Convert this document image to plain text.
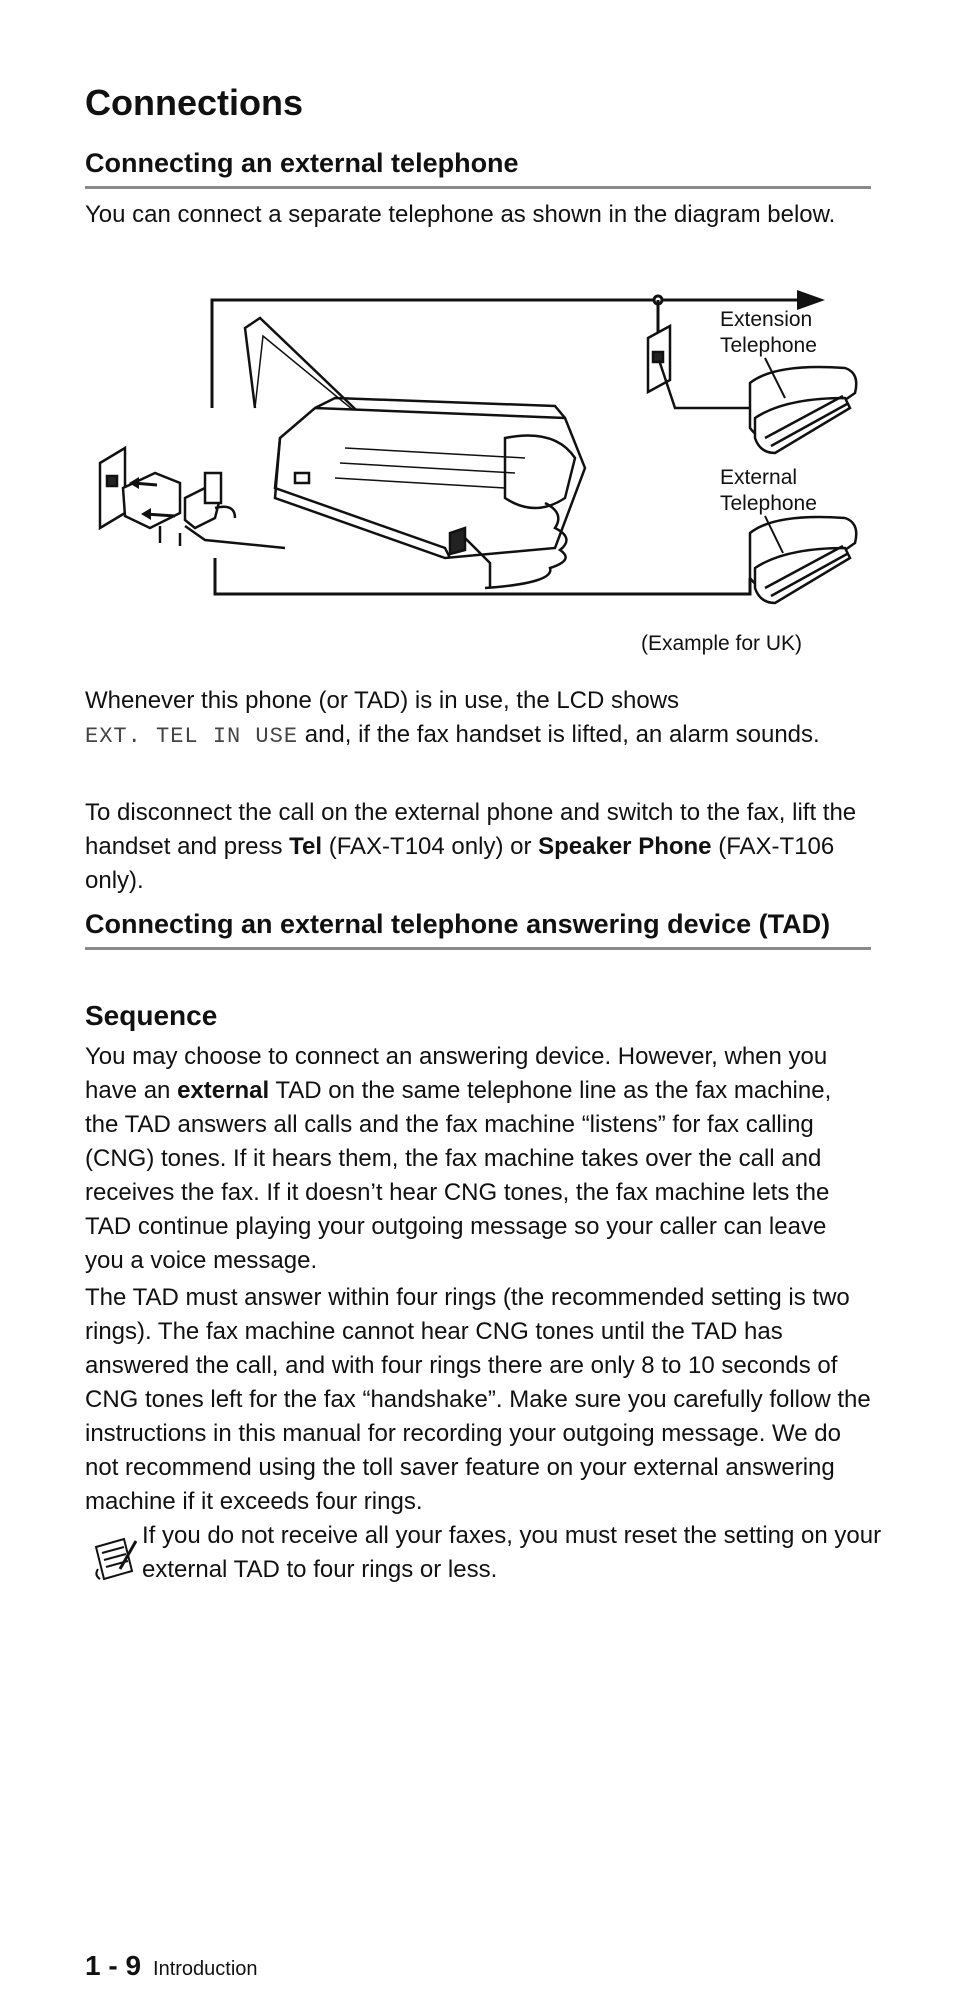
Connections
Connecting an external telephone

You can connect a separate telephone as shown in the diagram below.

Extension
Telephone
External
Telephone
(Example for UK)

Whenever this phone (or TAD) is in use, the LCD shows
EXT. TEL IN USE and, if the fax handset is lifted, an alarm sounds.

To disconnect the call on the external phone and switch to the fax, lift the handset and press Tel (FAX-T104 only) or Speaker Phone (FAX-T106 only).

Connecting an external telephone answering device (TAD)
Sequence

You may choose to connect an answering device. However, when you have an external TAD on the same telephone line as the fax machine, the TAD answers all calls and the fax machine “listens” for fax calling (CNG) tones. If it hears them, the fax machine takes over the call and receives the fax. If it doesn’t hear CNG tones, the fax machine lets the TAD continue playing your outgoing message so your caller can leave you a voice message.

The TAD must answer within four rings (the recommended setting is two rings). The fax machine cannot hear CNG tones until the TAD has answered the call, and with four rings there are only 8 to 10 seconds of CNG tones left for the fax “handshake”. Make sure you carefully follow the instructions in this manual for recording your outgoing message. We do not recommend using the toll saver feature on your external answering machine if it exceeds four rings.

If you do not receive all your faxes, you must reset the setting on your external TAD to four rings or less.
1 - 9 Introduction
